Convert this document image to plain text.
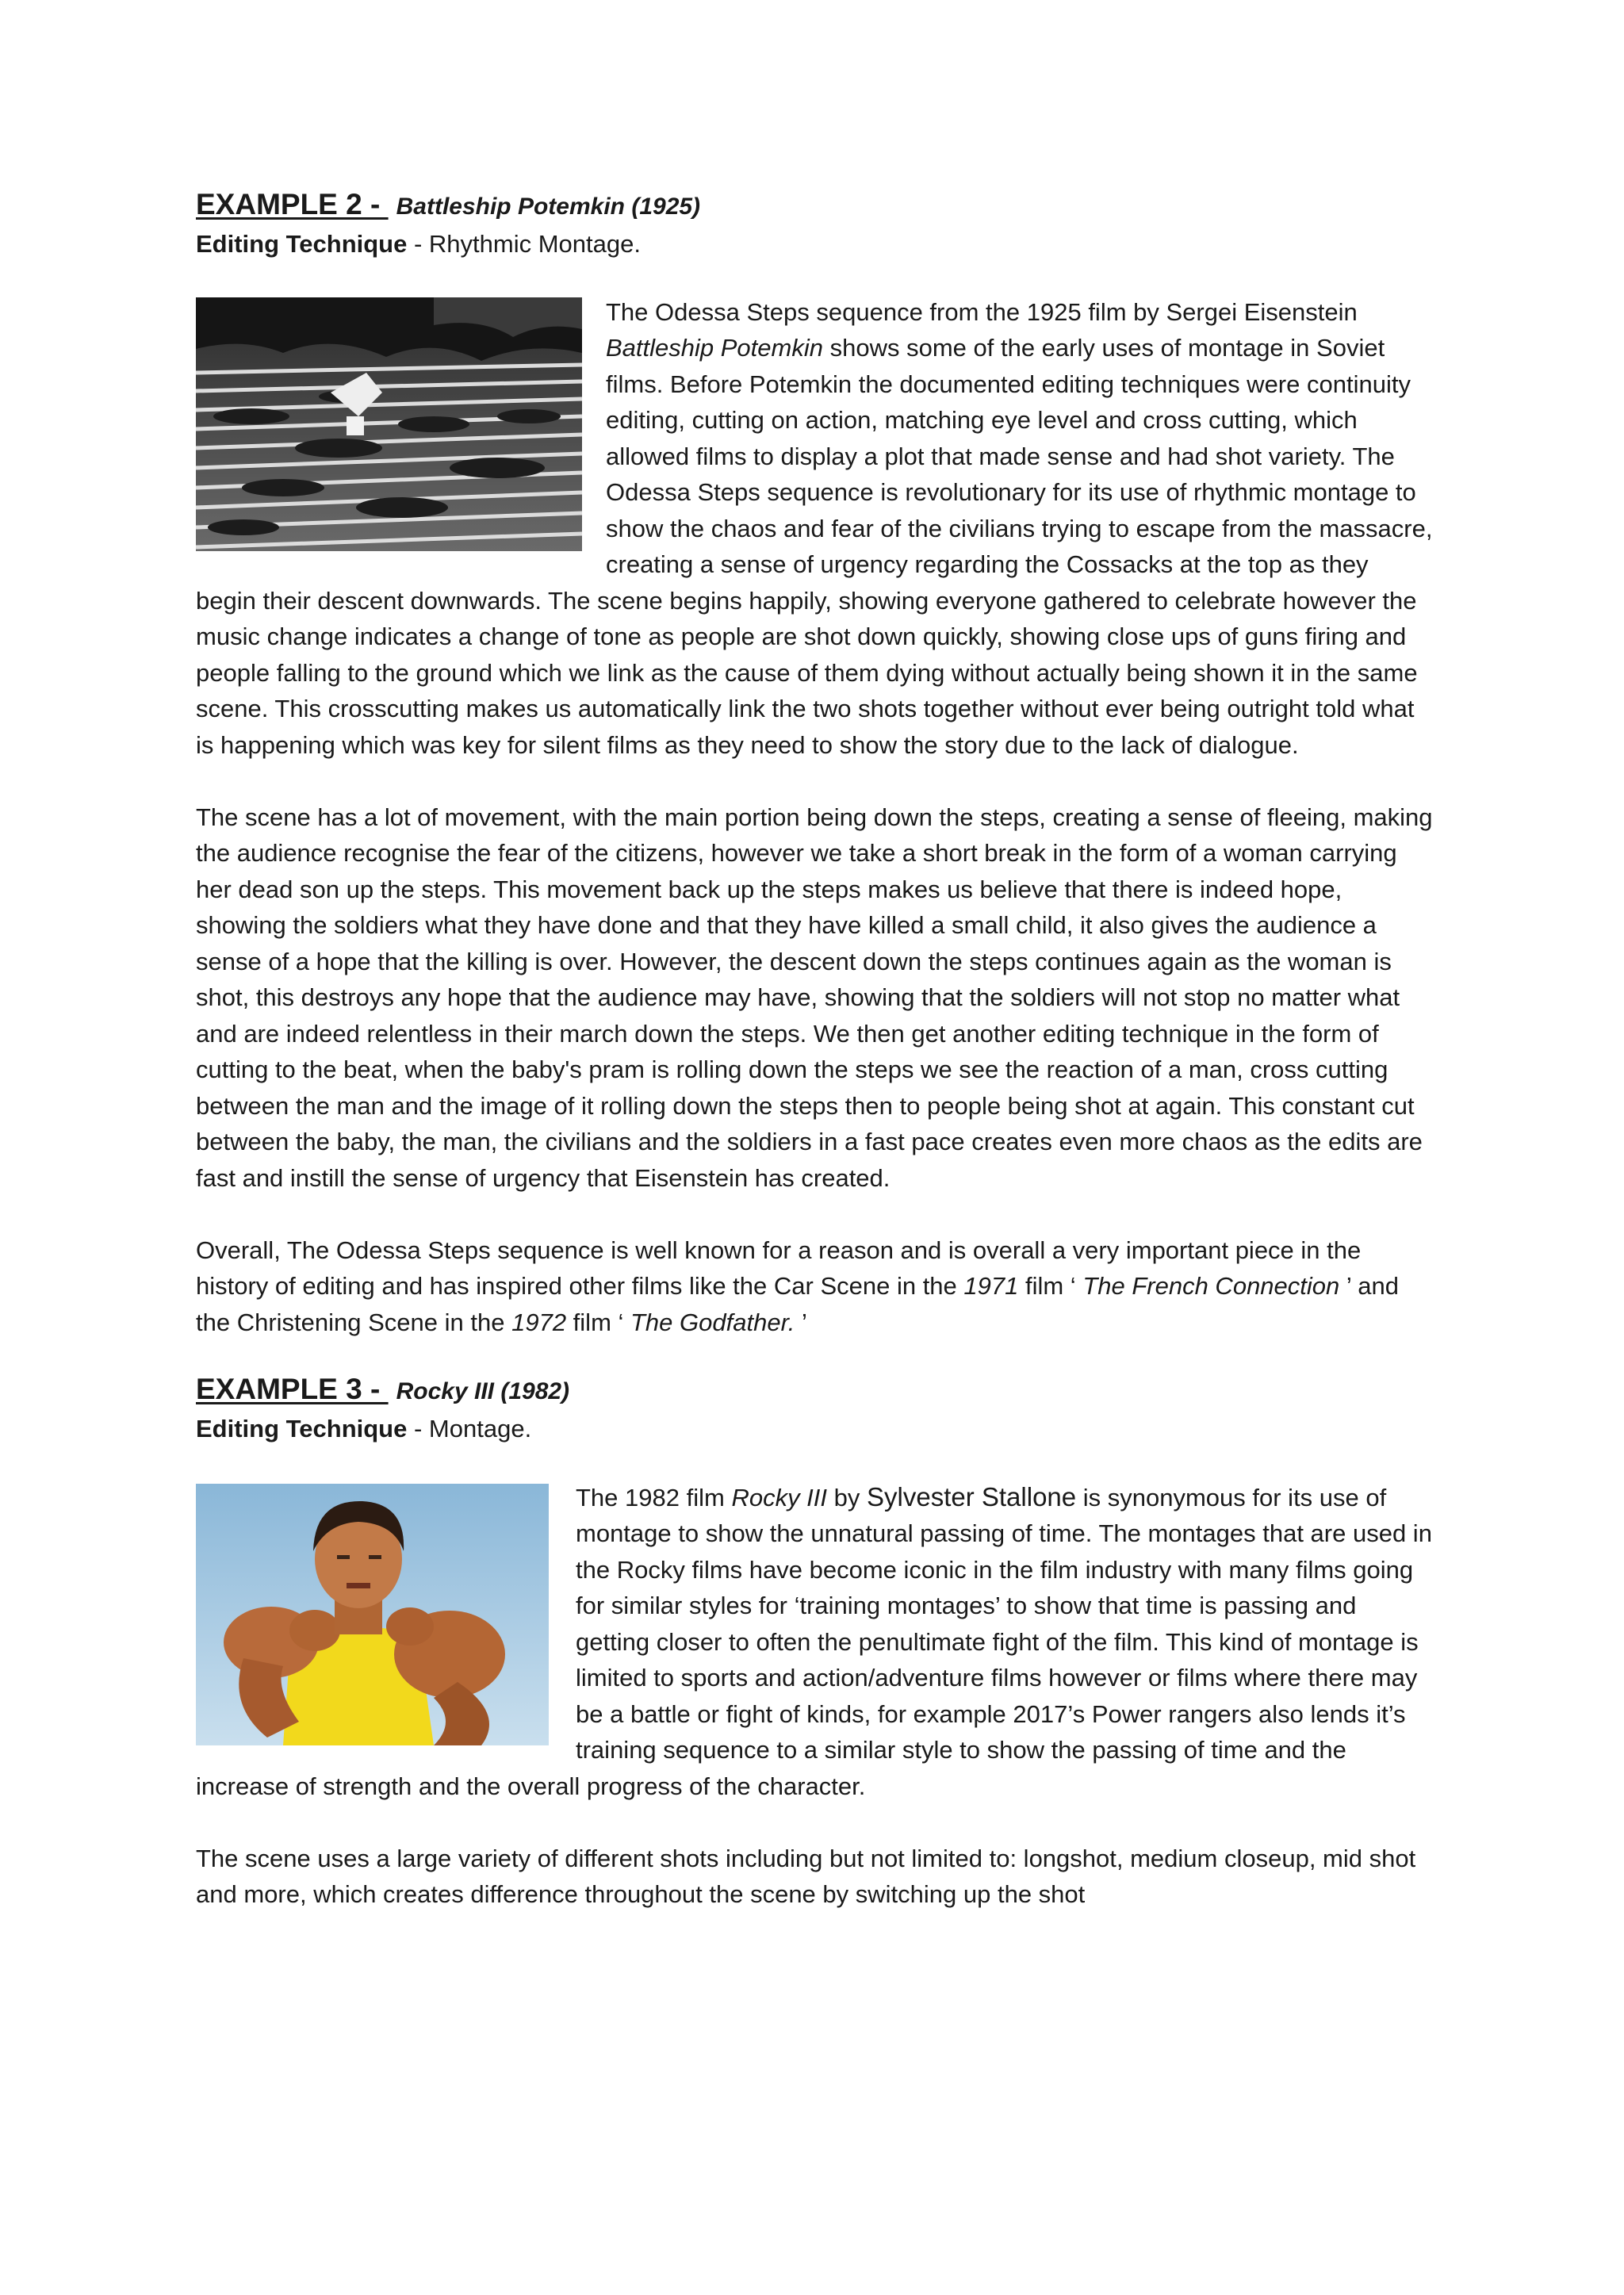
EXAMPLE 2 - Battleship Potemkin (1925)

Editing Technique - Rhythmic Montage.

The Odessa Steps sequence from the 1925 film by Sergei Eisenstein Battleship Potemkin shows some of the early uses of montage in Soviet films. Before Potemkin the documented editing techniques were continuity editing, cutting on action, matching eye level and cross cutting, which allowed films to display a plot that made sense and had shot variety. The Odessa Steps sequence is revolutionary for its use of rhythmic montage to show the chaos and fear of the civilians trying to escape from the massacre, creating a sense of urgency regarding the Cossacks at the top as they begin their descent downwards. The scene begins happily, showing everyone gathered to celebrate however the music change indicates a change of tone as people are shot down quickly, showing close ups of guns firing and people falling to the ground which we link as the cause of them dying without actually being shown it in the same scene. This crosscutting makes us automatically link the two shots together without ever being outright told what is happening which was key for silent films as they need to show the story due to the lack of dialogue.

The scene has a lot of movement, with the main portion being down the steps, creating a sense of fleeing, making the audience recognise the fear of the citizens, however we take a short break in the form of a woman carrying her dead son up the steps. This movement back up the steps makes us believe that there is indeed hope, showing the soldiers what they have done and that they have killed a small child, it also gives the audience a sense of a hope that the killing is over. However, the descent down the steps continues again as the woman is shot, this destroys any hope that the audience may have, showing that the soldiers will not stop no matter what and are indeed relentless in their march down the steps. We then get another editing technique in the form of cutting to the beat, when the baby's pram is rolling down the steps we see the reaction of a man, cross cutting between the man and the image of it rolling down the steps then to people being shot at again. This constant cut between the baby, the man, the civilians and the soldiers in a fast pace creates even more chaos as the edits are fast and instill the sense of urgency that Eisenstein has created.

Overall, The Odessa Steps sequence is well known for a reason and is overall a very important piece in the history of editing and has inspired other films like the Car Scene in the 1971 film ‘ The French Connection ’ and the Christening Scene in the 1972 film ‘ The Godfather. ’

EXAMPLE 3 - Rocky III (1982)

Editing Technique - Montage.

The 1982 film Rocky III by Sylvester Stallone is synonymous for its use of montage to show the unnatural passing of time. The montages that are used in the Rocky films have become iconic in the film industry with many films going for similar styles for ‘training montages’ to show that time is passing and getting closer to often the penultimate fight of the film. This kind of montage is limited to sports and action/adventure films however or films where there may be a battle or fight of kinds, for example 2017’s Power rangers also lends it’s training sequence to a similar style to show the passing of time and the increase of strength and the overall progress of the character.

The scene uses a large variety of different shots including but not limited to: longshot, medium closeup, mid shot and more, which creates difference throughout the scene by switching up the shot
